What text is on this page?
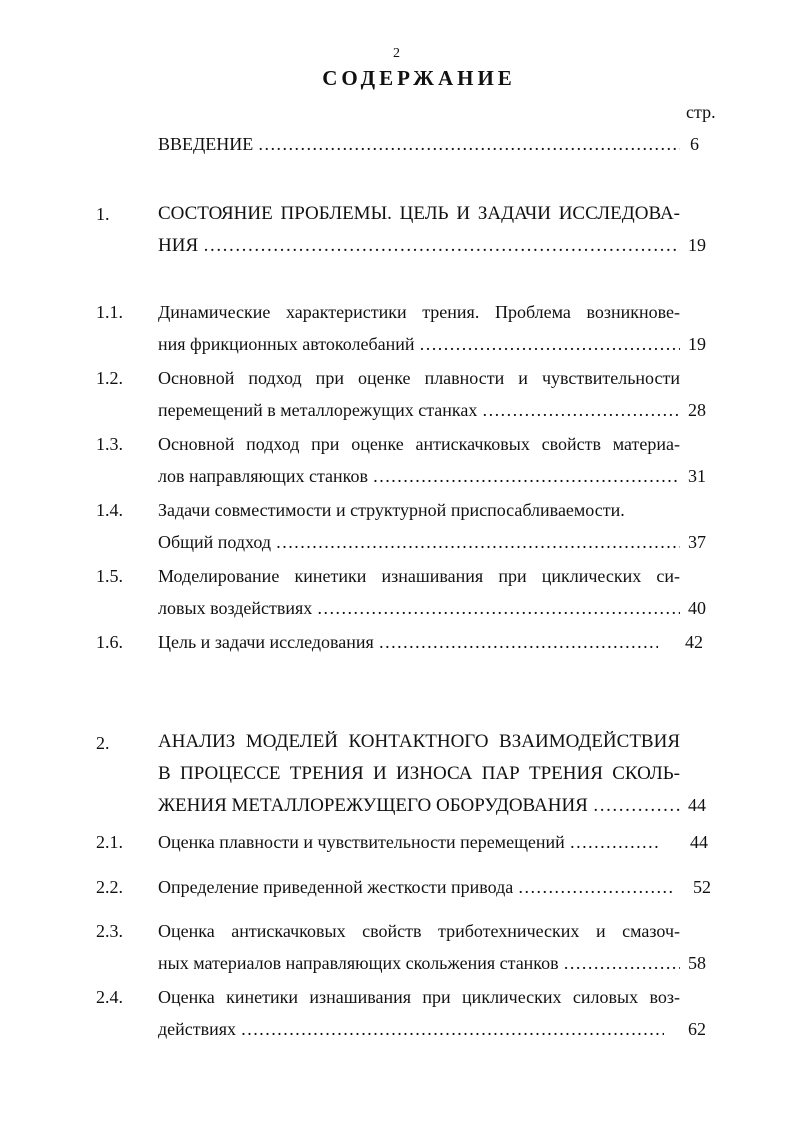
2
СОДЕРЖАНИЕ
стр.
ВВЕДЕНИЕ ……………………………………………………………………………………………………………………………………………	6
1.	СОСТОЯНИЕ ПРОБЛЕМЫ. ЦЕЛЬ И ЗАДАЧИ ИССЛЕДОВА-
НИЯ ……………………………………………………………………………………………………………………………………………	19
1.1. Динамические характеристики трения. Проблема возникнове-
ния фрикционных автоколебаний ……………………………………………………………………………………………………………………………………………	19
1.2. Основной подход при оценке плавности и чувствительности
перемещений в металлорежущих станках ……………………………………………………………………………………………………………………………………………	28
1.3. Основной подход при оценке антискачковых свойств материа-
лов направляющих станков ……………………………………………………………………………………………………………………………………………	31
1.4. Задачи совместимости и структурной приспосабливаемости.
Общий подход ……………………………………………………………………………………………………………………………………………	37
1.5. Моделирование кинетики изнашивания при циклических си-
ловых воздействиях ……………………………………………………………………………………………………………………………………………	40
1.6. Цель и задачи исследования ……………………………………………………………………………………………………………………………………………	42
2.	АНАЛИЗ МОДЕЛЕЙ КОНТАКТНОГО ВЗАИМОДЕЙСТВИЯ
В ПРОЦЕССЕ ТРЕНИЯ И ИЗНОСА ПАР ТРЕНИЯ СКОЛЬ-
ЖЕНИЯ МЕТАЛЛОРЕЖУЩЕГО ОБОРУДОВАНИЯ ……………………………………………………………………………………………………………………………………………	44
2.1. Оценка плавности и чувствительности перемещений ……………………………………………………………………………………………………………………………………………	44
2.2. Определение приведенной жесткости привода ……………………………………………………………………………………………………………………………………………	52
2.3. Оценка антискачковых свойств триботехнических и смазоч-
ных материалов направляющих скольжения станков ……………………………………………………………………………………………………………………………………………	58
2.4. Оценка кинетики изнашивания при циклических силовых воз-
действиях ……………………………………………………………………………………………………………………………………………	62
